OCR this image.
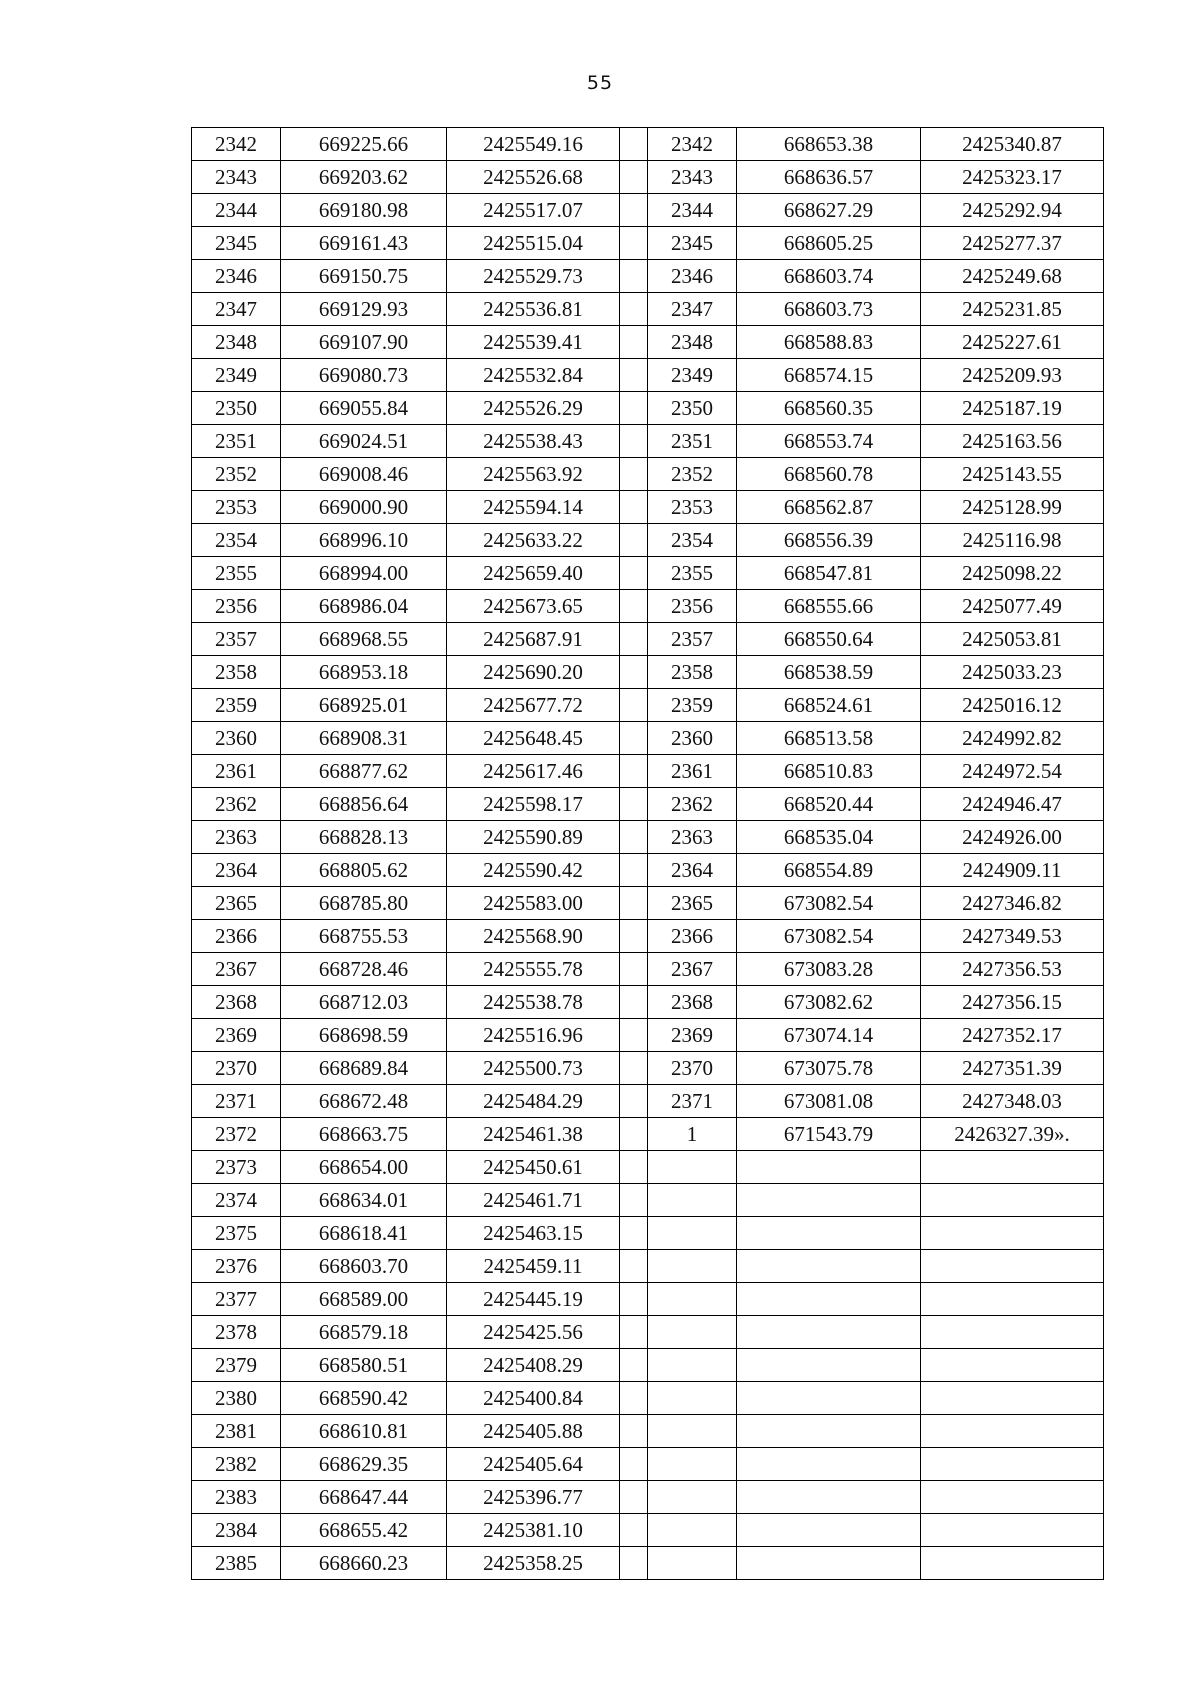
55
2342	669225.66	2425549.16		2342	668653.38	2425340.87
2343	669203.62	2425526.68		2343	668636.57	2425323.17
2344	669180.98	2425517.07		2344	668627.29	2425292.94
2345	669161.43	2425515.04		2345	668605.25	2425277.37
2346	669150.75	2425529.73		2346	668603.74	2425249.68
2347	669129.93	2425536.81		2347	668603.73	2425231.85
2348	669107.90	2425539.41		2348	668588.83	2425227.61
2349	669080.73	2425532.84		2349	668574.15	2425209.93
2350	669055.84	2425526.29		2350	668560.35	2425187.19
2351	669024.51	2425538.43		2351	668553.74	2425163.56
2352	669008.46	2425563.92		2352	668560.78	2425143.55
2353	669000.90	2425594.14		2353	668562.87	2425128.99
2354	668996.10	2425633.22		2354	668556.39	2425116.98
2355	668994.00	2425659.40		2355	668547.81	2425098.22
2356	668986.04	2425673.65		2356	668555.66	2425077.49
2357	668968.55	2425687.91		2357	668550.64	2425053.81
2358	668953.18	2425690.20		2358	668538.59	2425033.23
2359	668925.01	2425677.72		2359	668524.61	2425016.12
2360	668908.31	2425648.45		2360	668513.58	2424992.82
2361	668877.62	2425617.46		2361	668510.83	2424972.54
2362	668856.64	2425598.17		2362	668520.44	2424946.47
2363	668828.13	2425590.89		2363	668535.04	2424926.00
2364	668805.62	2425590.42		2364	668554.89	2424909.11
2365	668785.80	2425583.00		2365	673082.54	2427346.82
2366	668755.53	2425568.90		2366	673082.54	2427349.53
2367	668728.46	2425555.78		2367	673083.28	2427356.53
2368	668712.03	2425538.78		2368	673082.62	2427356.15
2369	668698.59	2425516.96		2369	673074.14	2427352.17
2370	668689.84	2425500.73		2370	673075.78	2427351.39
2371	668672.48	2425484.29		2371	673081.08	2427348.03
2372	668663.75	2425461.38		1	671543.79	2426327.39».
2373	668654.00	2425450.61				
2374	668634.01	2425461.71				
2375	668618.41	2425463.15				
2376	668603.70	2425459.11				
2377	668589.00	2425445.19				
2378	668579.18	2425425.56				
2379	668580.51	2425408.29				
2380	668590.42	2425400.84				
2381	668610.81	2425405.88				
2382	668629.35	2425405.64				
2383	668647.44	2425396.77				
2384	668655.42	2425381.10				
2385	668660.23	2425358.25				
